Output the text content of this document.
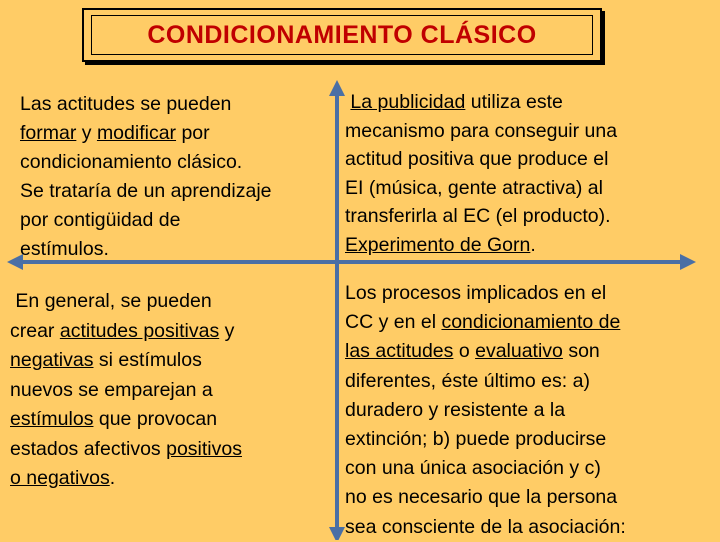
CONDICIONAMIENTO CLÁSICO
Las actitudes se pueden
formar y modificar por
condicionamiento clásico.
Se trataría de un aprendizaje
por contigüidad de
estímulos.
La publicidad utiliza este
mecanismo para conseguir una
actitud positiva que produce el
EI (música, gente atractiva) al
transferirla al EC (el producto).
Experimento de Gorn.
En general, se pueden
crear actitudes positivas y
negativas si estímulos
nuevos se emparejan a
estímulos que provocan
estados afectivos positivos
o negativos.
Los procesos implicados en el
CC y en el condicionamiento de
las actitudes o evaluativo son
diferentes, éste último es: a)
duradero y resistente a la
extinción; b) puede producirse
con una única asociación y c)
no es necesario que la persona
sea consciente de la asociación:
